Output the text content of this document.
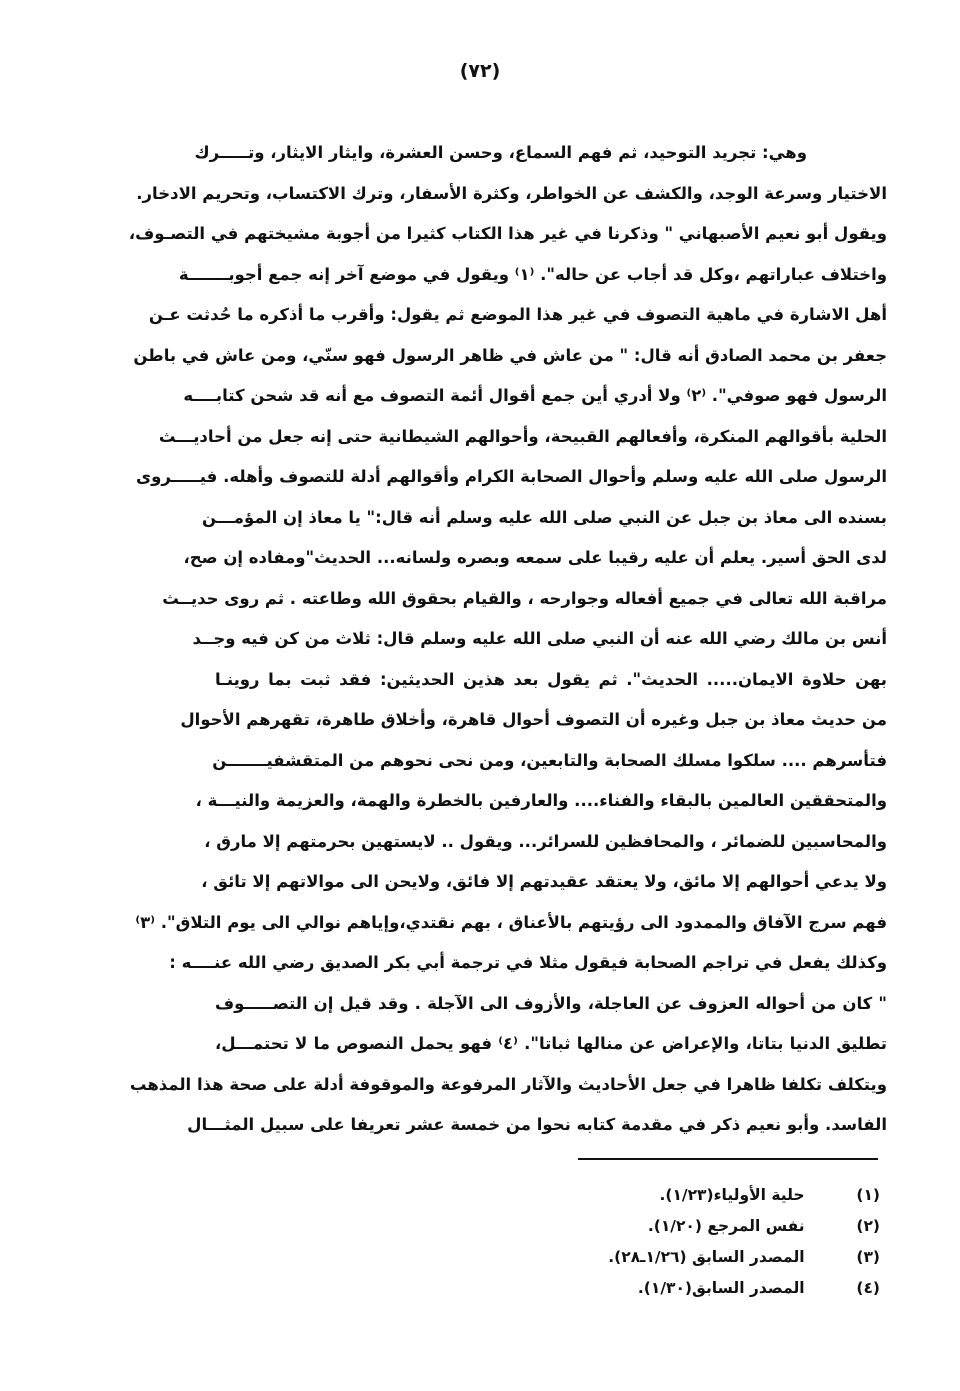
(٧٢)
وهي: تجريد التوحيد، ثم فهم السماع، وحسن العشرة، وايثار الايثار، وتـــــرك
الاختيار وسرعة الوجد، والكشف عن الخواطر، وكثرة الأسفار، وترك الاكتساب، وتحريم الادخار.
ويقول أبو نعيم الأصبهاني " وذكرنا في غير هذا الكتاب كثيرا من أجوبة مشيختهم في التصـوف،
واختلاف عباراتهم ،وكل قد أجاب عن حاله". ⁽١⁾ ويقول في موضع آخر إنه جمع أجوبـــــــة
أهل الاشارة في ماهية التصوف في غير هذا الموضع ثم يقول: وأقرب ما أذكره ما حُدثت عـن
جعفر بن محمد الصادق أنه قال: " من عاش في ظاهر الرسول فهو سنّي، ومن عاش في باطن
الرسول فهو صوفي". ⁽٢⁾ ولا أدري أين جمع أقوال أئمة التصوف مع أنه قد شحن كتابــــه
الحلية بأقوالهم المنكرة، وأفعالهم القبيحة، وأحوالهم الشيطانية حتى إنه جعل من أحاديـــث
الرسول صلى الله عليه وسلم وأحوال الصحابة الكرام وأقوالهم أدلة للتصوف وأهله. فيـــــروى
بسنده الى معاذ بن جبل عن النبي صلى الله عليه وسلم أنه قال:" يا معاذ إن المؤمـــن
لدى الحق أسير. يعلم أن عليه رقيبا على سمعه وبصره ولسانه... الحديث"ومفاده إن صح،
مراقبة الله تعالى في جميع أفعاله وجوارحه ، والقيام بحقوق الله وطاعته . ثم روى حديــث
أنس بن مالك رضي الله عنه أن النبي صلى الله عليه وسلم قال: ثلاث من كن فيه وجــد
بهن حلاوة الايمان..... الحديث". ثم يقول بعد هذين الحديثين: فقد ثبت بما روينـا
من حديث معاذ بن جبل وغيره أن التصوف أحوال قاهرة، وأخلاق طاهرة، تقهرهم الأحوال
فتأسرهم .... سلكوا مسلك الصحابة والتابعين، ومن نحى نحوهم من المتقشفيـــــــن
والمتحققين العالمين بالبقاء والفناء.... والعارفين بالخطرة والهمة، والعزيمة والنيـــة ،
والمحاسبين للضمائر ، والمحافظين للسرائر... ويقول .. لايستهين بحرمتهم إلا مارق ،
ولا يدعي أحوالهم إلا مائق، ولا يعتقد عقيدتهم إلا فائق، ولايحن الى موالاتهم إلا تائق ،
فهم سرج الآفاق والممدود الى رؤيتهم بالأعناق ، بهم نقتدي،وإياهم نوالي الى يوم التلاق". ⁽٣⁾
وكذلك يفعل في تراجم الصحابة فيقول مثلا في ترجمة أبي بكر الصديق رضي الله عنــــه :
" كان من أحواله العزوف عن العاجلة، والأزوف الى الآجلة . وقد قيل إن التصـــــوف
تطليق الدنيا بتاتا، والإعراض عن منالها ثباتا". ⁽٤⁾ فهو يحمل النصوص ما لا تحتمـــل،
ويتكلف تكلفا ظاهرا في جعل الأحاديث والآثار المرفوعة والموقوفة أدلة على صحة هذا المذهب
الفاسد. وأبو نعيم ذكر في مقدمة كتابه نحوا من خمسة عشر تعريفا على سبيل المثـــال
(١) حلية الأولياء(١/٢٣).
(٢) نفس المرجع (١/٢٠).
(٣) المصدر السابق (١/٢٦ـ٢٨).
(٤) المصدر السابق(١/٣٠).
